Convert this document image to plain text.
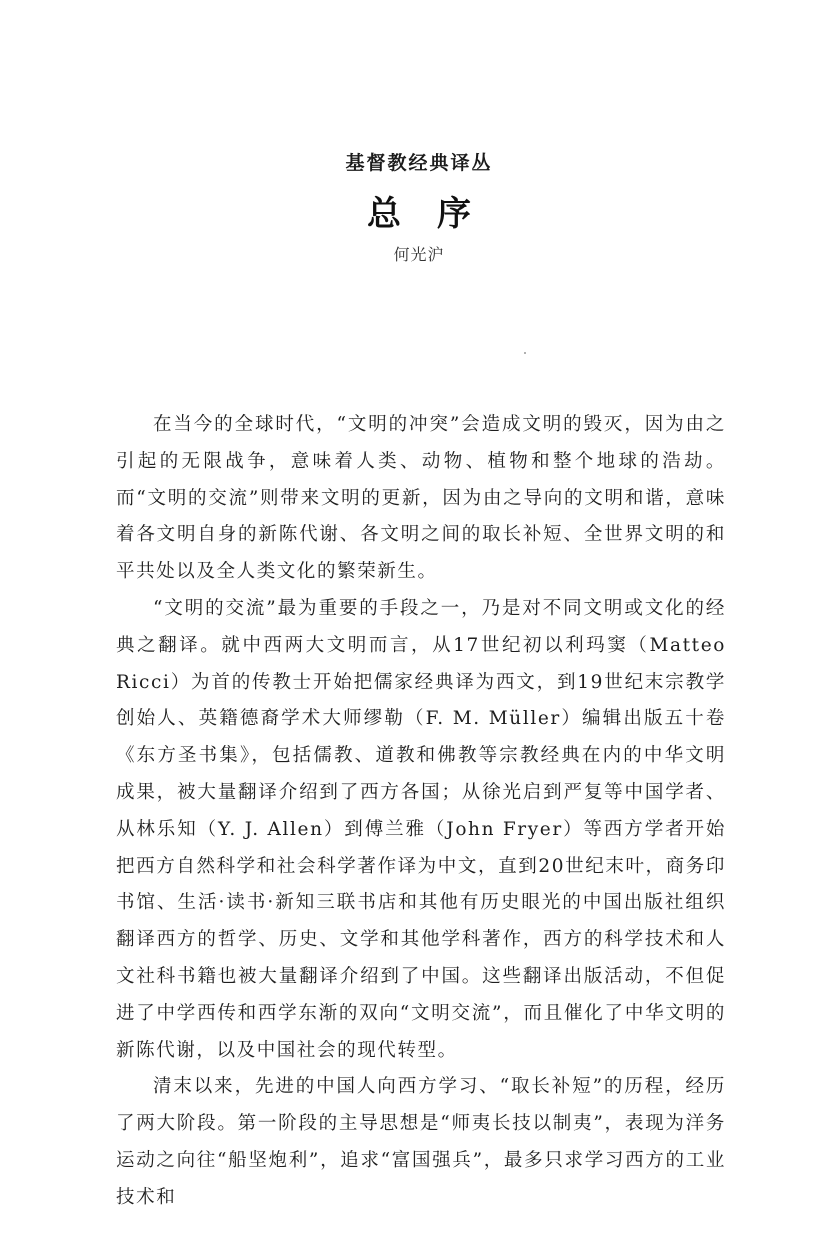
基督教经典译丛
总序
何光沪

在当今的全球时代，“文明的冲突”会造成文明的毁灭，因为由之引起的无限战争，意味着人类、动物、植物和整个地球的浩劫。而“文明的交流”则带来文明的更新，因为由之导向的文明和谐，意味着各文明自身的新陈代谢、各文明之间的取长补短、全世界文明的和平共处以及全人类文化的繁荣新生。

“文明的交流”最为重要的手段之一，乃是对不同文明或文化的经典之翻译。就中西两大文明而言，从17世纪初以利玛窦（Matteo Ricci）为首的传教士开始把儒家经典译为西文，到19世纪末宗教学创始人、英籍德裔学术大师缪勒（F. M. Müller）编辑出版五十卷《东方圣书集》，包括儒教、道教和佛教等宗教经典在内的中华文明成果，被大量翻译介绍到了西方各国；从徐光启到严复等中国学者、从林乐知（Y. J. Allen）到傅兰雅（John Fryer）等西方学者开始把西方自然科学和社会科学著作译为中文，直到20世纪末叶，商务印书馆、生活·读书·新知三联书店和其他有历史眼光的中国出版社组织翻译西方的哲学、历史、文学和其他学科著作，西方的科学技术和人文社科书籍也被大量翻译介绍到了中国。这些翻译出版活动，不但促进了中学西传和西学东渐的双向“文明交流”，而且催化了中华文明的新陈代谢，以及中国社会的现代转型。

清末以来，先进的中国人向西方学习、“取长补短”的历程，经历了两大阶段。第一阶段的主导思想是“师夷长技以制夷”，表现为洋务运动之向往“船坚炮利”，追求“富国强兵”，最多只求学习西方的工业技术和
